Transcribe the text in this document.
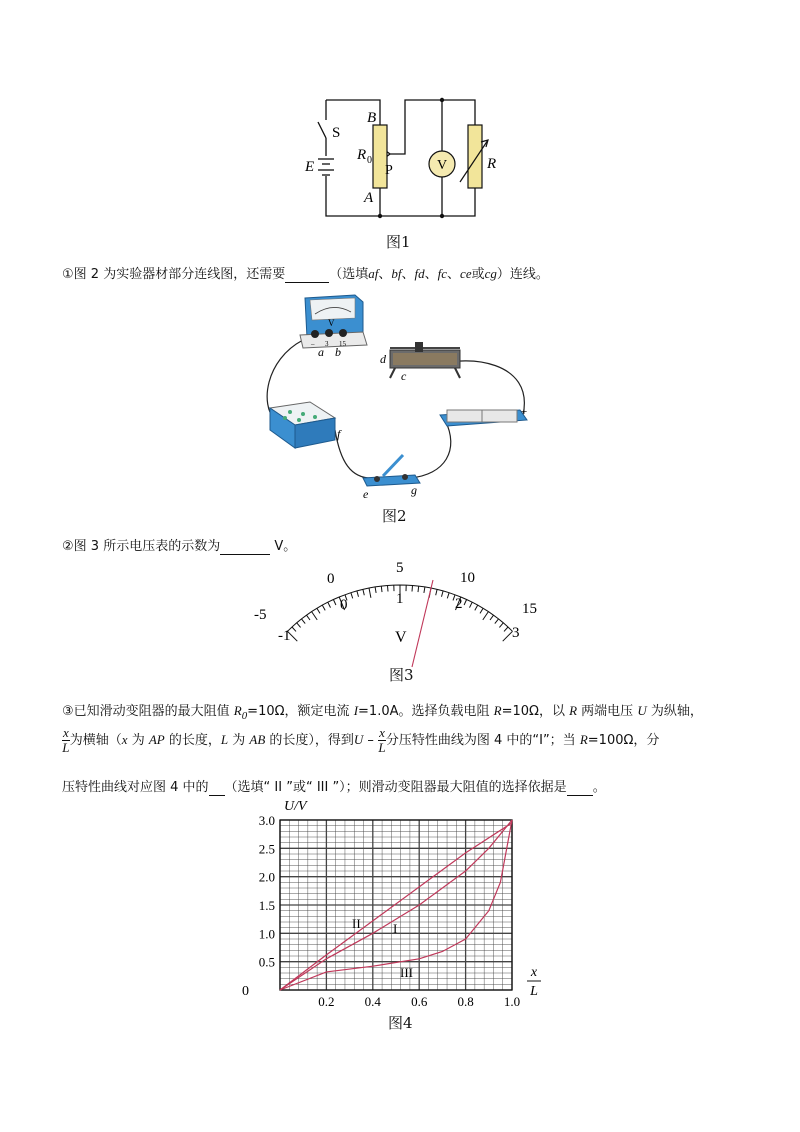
V
S
E
B
R 0
P
A
R
图1
①图 2 为实验器材部分连线图，还需要	（选填af、bf、fd、fc、ce或cg）连线。
V
– 3 15
a b	d
c
+
f
e	g
图2
②图 3 所示电压表的示数为	V。
-5
0
5
10
15
-1
0	1	2
3
V
图3
③已知滑动变阻器的最大阻值 $R_0=10\Omega$，额定电流 I=1.0A。选择负载电阻 R=10Ω，以 R 两端电压 U 为纵轴，
$\frac{x}{L}$ 为横轴（x 为 AP 的长度，L 为 AB 的长度），得到U – $\frac{x}{L}$ 分压特性曲线为图 4 中的“I”；当 R=100Ω，分
压特性曲线对应图 4 中的 （选填“ II ”或“ III ”）；则滑动变阻器最大阻值的选择依据是 。
U/V
x
L
0
0.2 0.4 0.6 0.8 1.0
0.5
1.0
1.5
2.0
2.5
3.0
II I
III
图4
